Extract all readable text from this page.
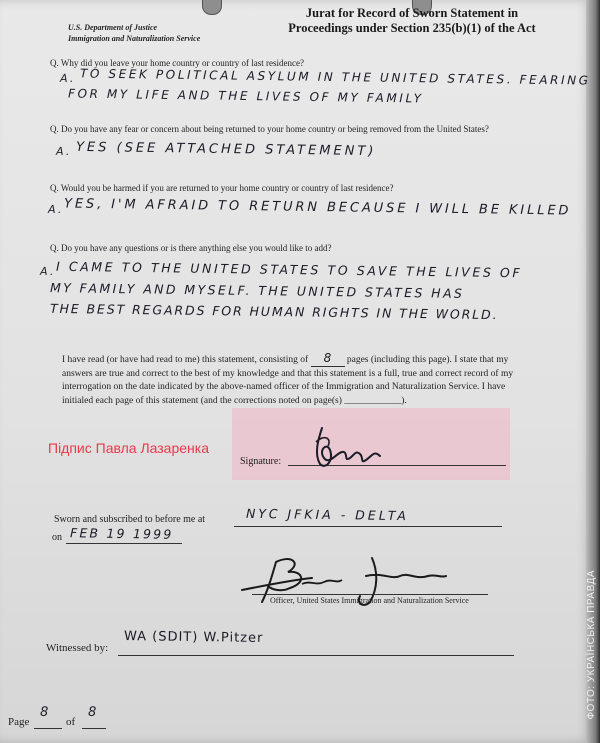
U.S. Department of Justice
Immigration and Naturalization Service
Jurat for Record of Sworn Statement in
Proceedings under Section 235(b)(1) of the Act
Q. Why did you leave your home country or country of last residence?
A. TO SEEK POLITICAL ASYLUM IN THE UNITED STATES. FEARING
FOR MY LIFE AND THE LIVES OF MY FAMILY
Q. Do you have any fear or concern about being returned to your home country or being removed from the United States?
A. YES (SEE ATTACHED STATEMENT)
Q. Would you be harmed if you are returned to your home country or country of last residence?
A. YES, I'M AFRAID TO RETURN BECAUSE I WILL BE KILLED
Q. Do you have any questions or is there anything else you would like to add?
A. I CAME TO THE UNITED STATES TO SAVE THE LIVES OF
MY FAMILY AND MYSELF. THE UNITED STATES HAS
THE BEST REGARDS FOR HUMAN RIGHTS IN THE WORLD.
I have read (or have had read to me) this statement, consisting of 8 pages (including this page). I state that my answers are true and correct to the best of my knowledge and that this statement is a full, true and correct record of my interrogation on the date indicated by the above-named officer of the Immigration and Naturalization Service. I have initialed each page of this statement (and the corrections noted on page(s) ____________).
Підпис Павла Лазаренка
Signature:
Sworn and subscribed to before me at	NYC JFKIA - DELTA
on FEB 19 1999
Officer, United States Immigration and Naturalization Service
Witnessed by:
WA (SDIT) W.Pitzer
Page
8
of
8	ФОТО: УКРАЇНСЬКА ПРАВДА
